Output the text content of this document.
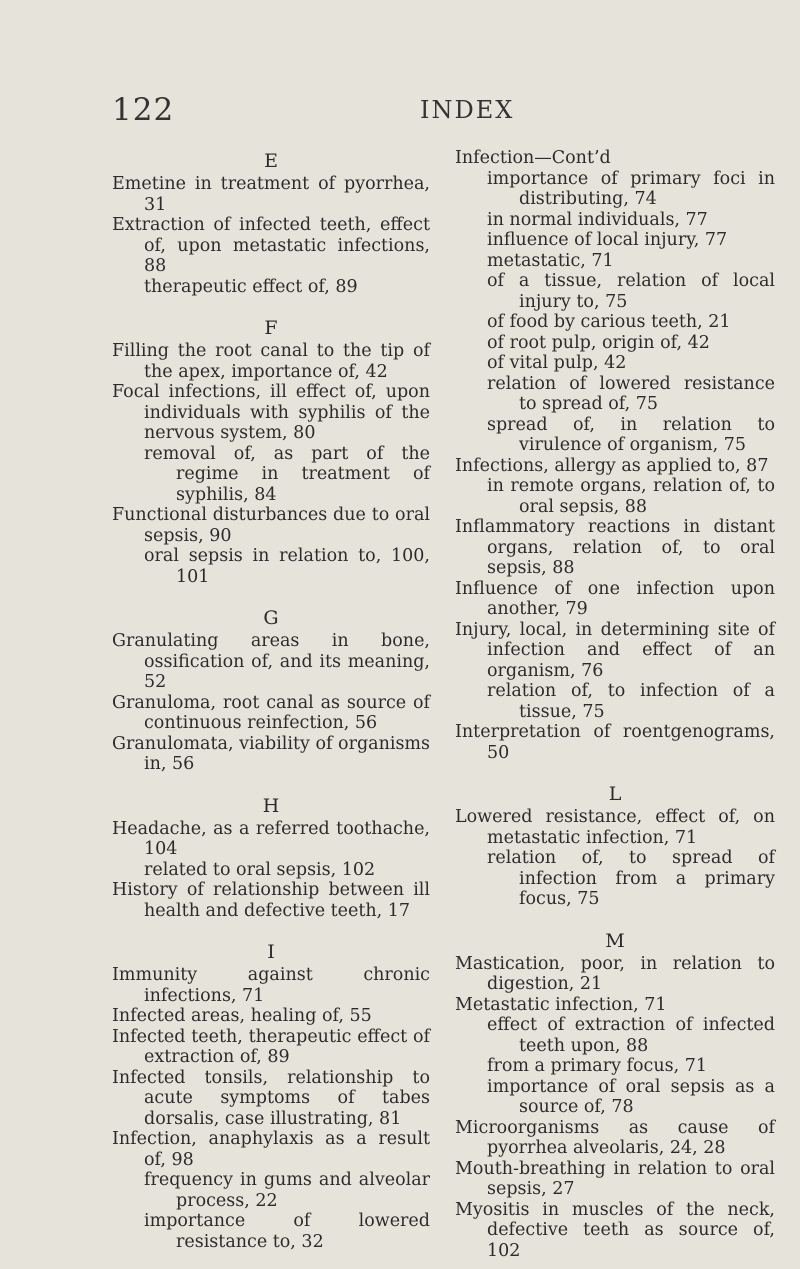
122	INDEX

E

Emetine in treatment of pyorrhea, 31

Extraction of infected teeth, effect of, upon metastatic infections, 88

therapeutic effect of, 89

F

Filling the root canal to the tip of the apex, importance of, 42

Focal infections, ill effect of, upon individuals with syphilis of the nervous system, 80

removal of, as part of the regime in treatment of syphilis, 84

Functional disturbances due to oral sepsis, 90

oral sepsis in relation to, 100, 101

G

Granulating areas in bone, ossification of, and its meaning, 52

Granuloma, root canal as source of continuous reinfection, 56

Granulomata, viability of organisms in, 56

H

Headache, as a referred toothache, 104

related to oral sepsis, 102

History of relationship between ill health and defective teeth, 17

I

Immunity against chronic infections, 71

Infected areas, healing of, 55

Infected teeth, therapeutic effect of extraction of, 89

Infected tonsils, relationship to acute symptoms of tabes dorsalis, case illustrating, 81

Infection, anaphylaxis as a result of, 98

frequency in gums and alveolar process, 22

importance of lowered resistance to, 32

Infection—Cont’d

importance of primary foci in distributing, 74

in normal individuals, 77

influence of local injury, 77

metastatic, 71

of a tissue, relation of local injury to, 75

of food by carious teeth, 21

of root pulp, origin of, 42

of vital pulp, 42

relation of lowered resistance to spread of, 75

spread of, in relation to virulence of organism, 75

Infections, allergy as applied to, 87

in remote organs, relation of, to oral sepsis, 88

Inflammatory reactions in distant organs, relation of, to oral sepsis, 88

Influence of one infection upon another, 79

Injury, local, in determining site of infection and effect of an organism, 76

relation of, to infection of a tissue, 75

Interpretation of roentgenograms, 50

L

Lowered resistance, effect of, on metastatic infection, 71

relation of, to spread of infection from a primary focus, 75

M

Mastication, poor, in relation to digestion, 21

Metastatic infection, 71

effect of extraction of infected teeth upon, 88

from a primary focus, 71

importance of oral sepsis as a source of, 78

Microorganisms as cause of pyorrhea alveolaris, 24, 28

Mouth-breathing in relation to oral sepsis, 27

Myositis in muscles of the neck, defective teeth as source of, 102
